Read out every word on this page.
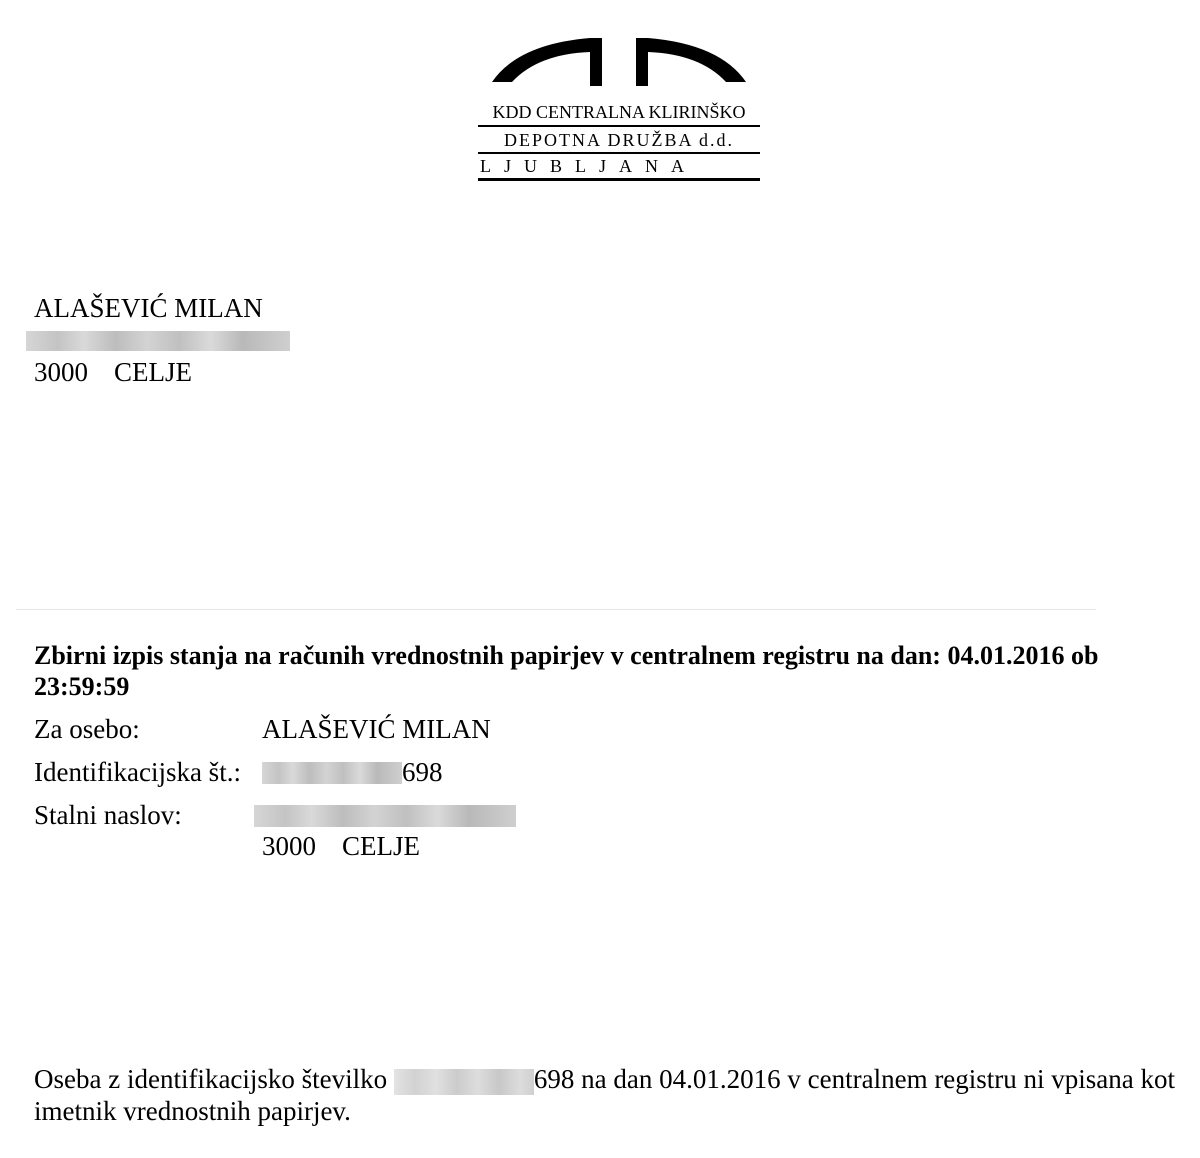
KDD CENTRALNA KLIRINŠKO
DEPOTNA DRUŽBA d.d.
LJUBLJANA
ALAŠEVIĆ MILAN
3000 CELJE
Zbirni izpis stanja na računih vrednostnih papirjev v centralnem registru na dan: 04.01.2016 ob 23:59:59
Za osebo:	ALAŠEVIĆ MILAN
Identifikacijska št.:	698
Stalni naslov:
3000 CELJE
Oseba z identifikacijsko številko	698 na dan 04.01.2016 v centralnem registru ni vpisana kot imetnik vrednostnih papirjev.
